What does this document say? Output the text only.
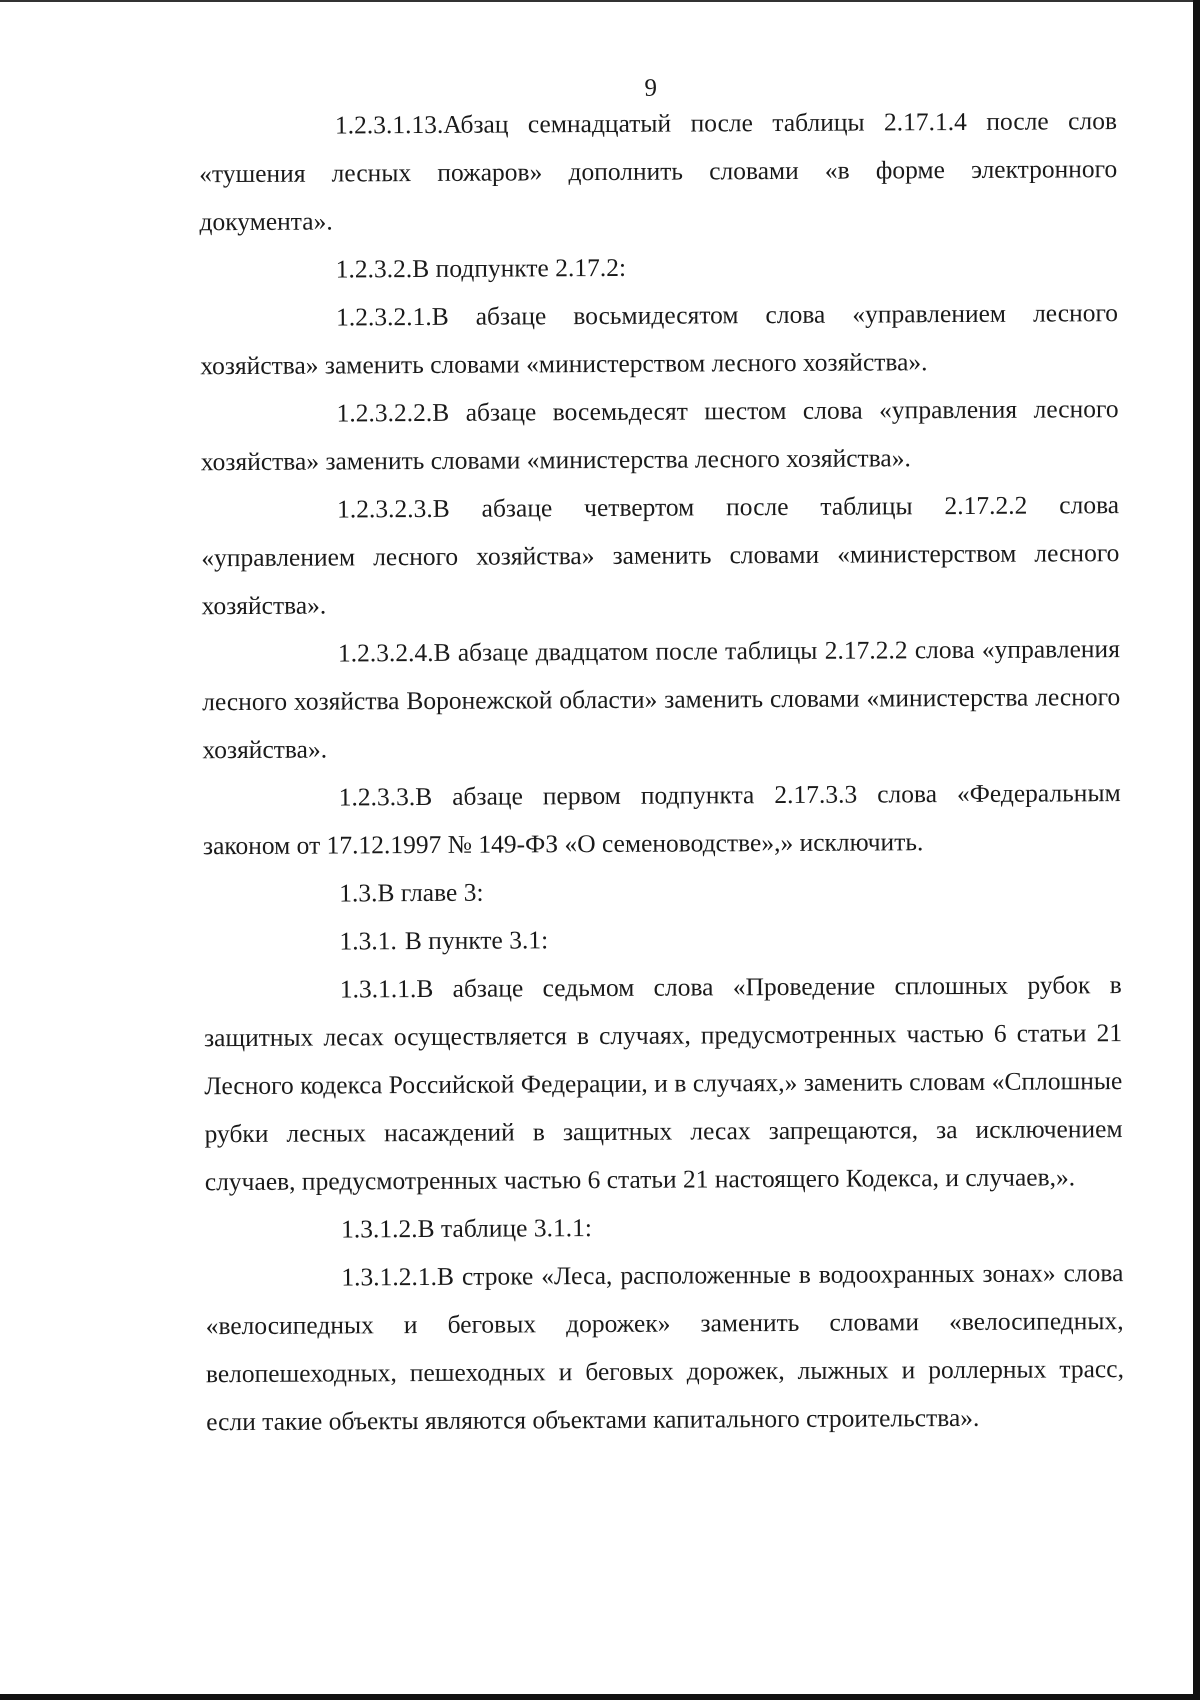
9

1.2.3.1.13.Абзац семнадцатый после таблицы 2.17.1.4 после слов «тушения лесных пожаров» дополнить словами «в форме электронного документа».

1.2.3.2.В подпункте 2.17.2:

1.2.3.2.1.В абзаце восьмидесятом слова «управлением лесного хозяйства» заменить словами «министерством лесного хозяйства».

1.2.3.2.2.В абзаце восемьдесят шестом слова «управления лесного хозяйства» заменить словами «министерства лесного хозяйства».

1.2.3.2.3.В абзаце четвертом после таблицы 2.17.2.2 слова «управлением лесного хозяйства» заменить словами «министерством лесного хозяйства».

1.2.3.2.4.В абзаце двадцатом после таблицы 2.17.2.2 слова «управления лесного хозяйства Воронежской области» заменить словами «министерства лесного хозяйства».

1.2.3.3.В абзаце первом подпункта 2.17.3.3 слова «Федеральным законом от 17.12.1997 № 149-ФЗ «О семеноводстве»,» исключить.

1.3.В главе 3:

1.3.1. В пункте 3.1:

1.3.1.1.В абзаце седьмом слова «Проведение сплошных рубок в защитных лесах осуществляется в случаях, предусмотренных частью 6 статьи 21 Лесного кодекса Российской Федерации, и в случаях,» заменить словам «Сплошные рубки лесных насаждений в защитных лесах запрещаются, за исключением случаев, предусмотренных частью 6 статьи 21 настоящего Кодекса, и случаев,».

1.3.1.2.В таблице 3.1.1:

1.3.1.2.1.В строке «Леса, расположенные в водоохранных зонах» слова «велосипедных и беговых дорожек» заменить словами «велосипедных, велопешеходных, пешеходных и беговых дорожек, лыжных и роллерных трасс, если такие объекты являются объектами капитального строительства».
